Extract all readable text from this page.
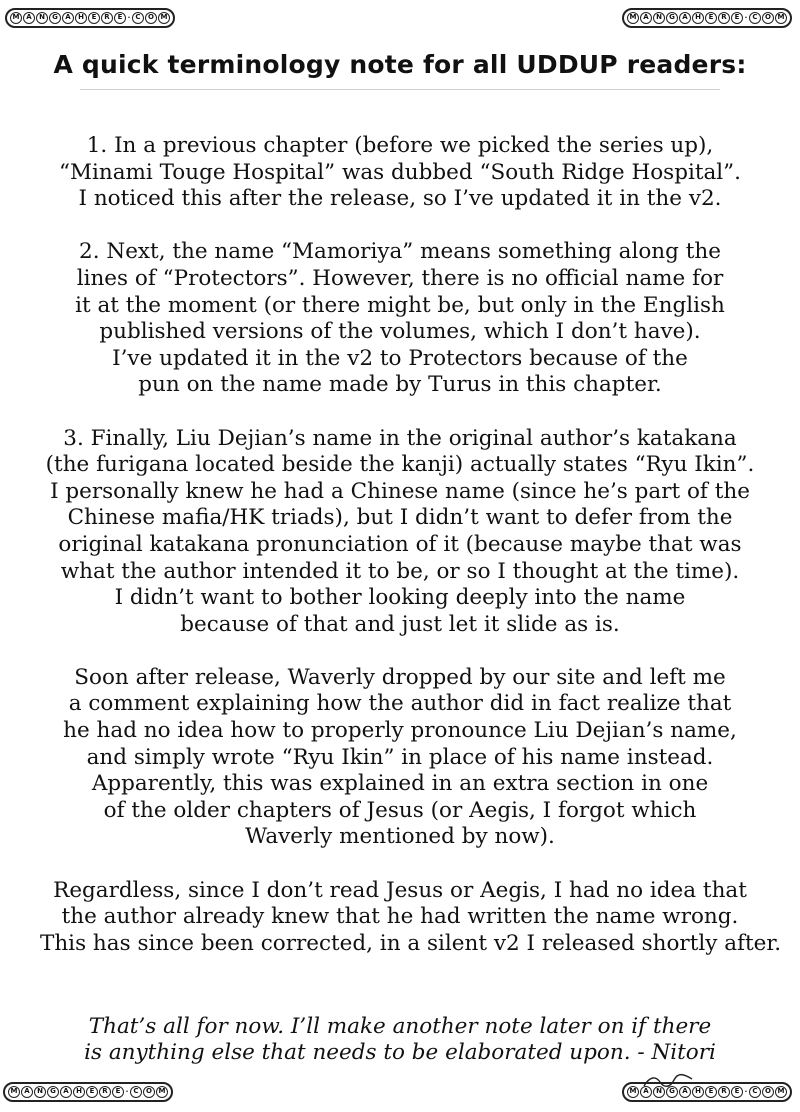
M A	N	G	A	H	E	R	E . C	O M	M A	N	G	A	H	E	R	E . C	O M
M A	N	G	A	H	E	R	E . C	O M	M A	N	G	A	H	E	R	E . C	O M
A quick terminology note for all UDDUP readers:

1. In a previous chapter (before we picked the series up),
“Minami Touge Hospital” was dubbed “South Ridge Hospital”.
I noticed this after the release, so I’ve updated it in the v2.

2. Next, the name “Mamoriya” means something along the
lines of “Protectors”. However, there is no official name for
it at the moment (or there might be, but only in the English
published versions of the volumes, which I don’t have).
I’ve updated it in the v2 to Protectors because of the
pun on the name made by Turus in this chapter.

3. Finally, Liu Dejian’s name in the original author’s katakana
(the furigana located beside the kanji) actually states “Ryu Ikin”.
I personally knew he had a Chinese name (since he’s part of the
Chinese mafia/HK triads), but I didn’t want to defer from the
original katakana pronunciation of it (because maybe that was
what the author intended it to be, or so I thought at the time).
I didn’t want to bother looking deeply into the name
because of that and just let it slide as is.

Soon after release, Waverly dropped by our site and left me
a comment explaining how the author did in fact realize that
he had no idea how to properly pronounce Liu Dejian’s name,
and simply wrote “Ryu Ikin” in place of his name instead.
Apparently, this was explained in an extra section in one
of the older chapters of Jesus (or Aegis, I forgot which
Waverly mentioned by now).

Regardless, since I don’t read Jesus or Aegis, I had no idea that
the author already knew that he had written the name wrong.
This has since been corrected, in a silent v2 I released shortly after.

That’s all for now. I’ll make another note later on if there
is anything else that needs to be elaborated upon. - Nitori
